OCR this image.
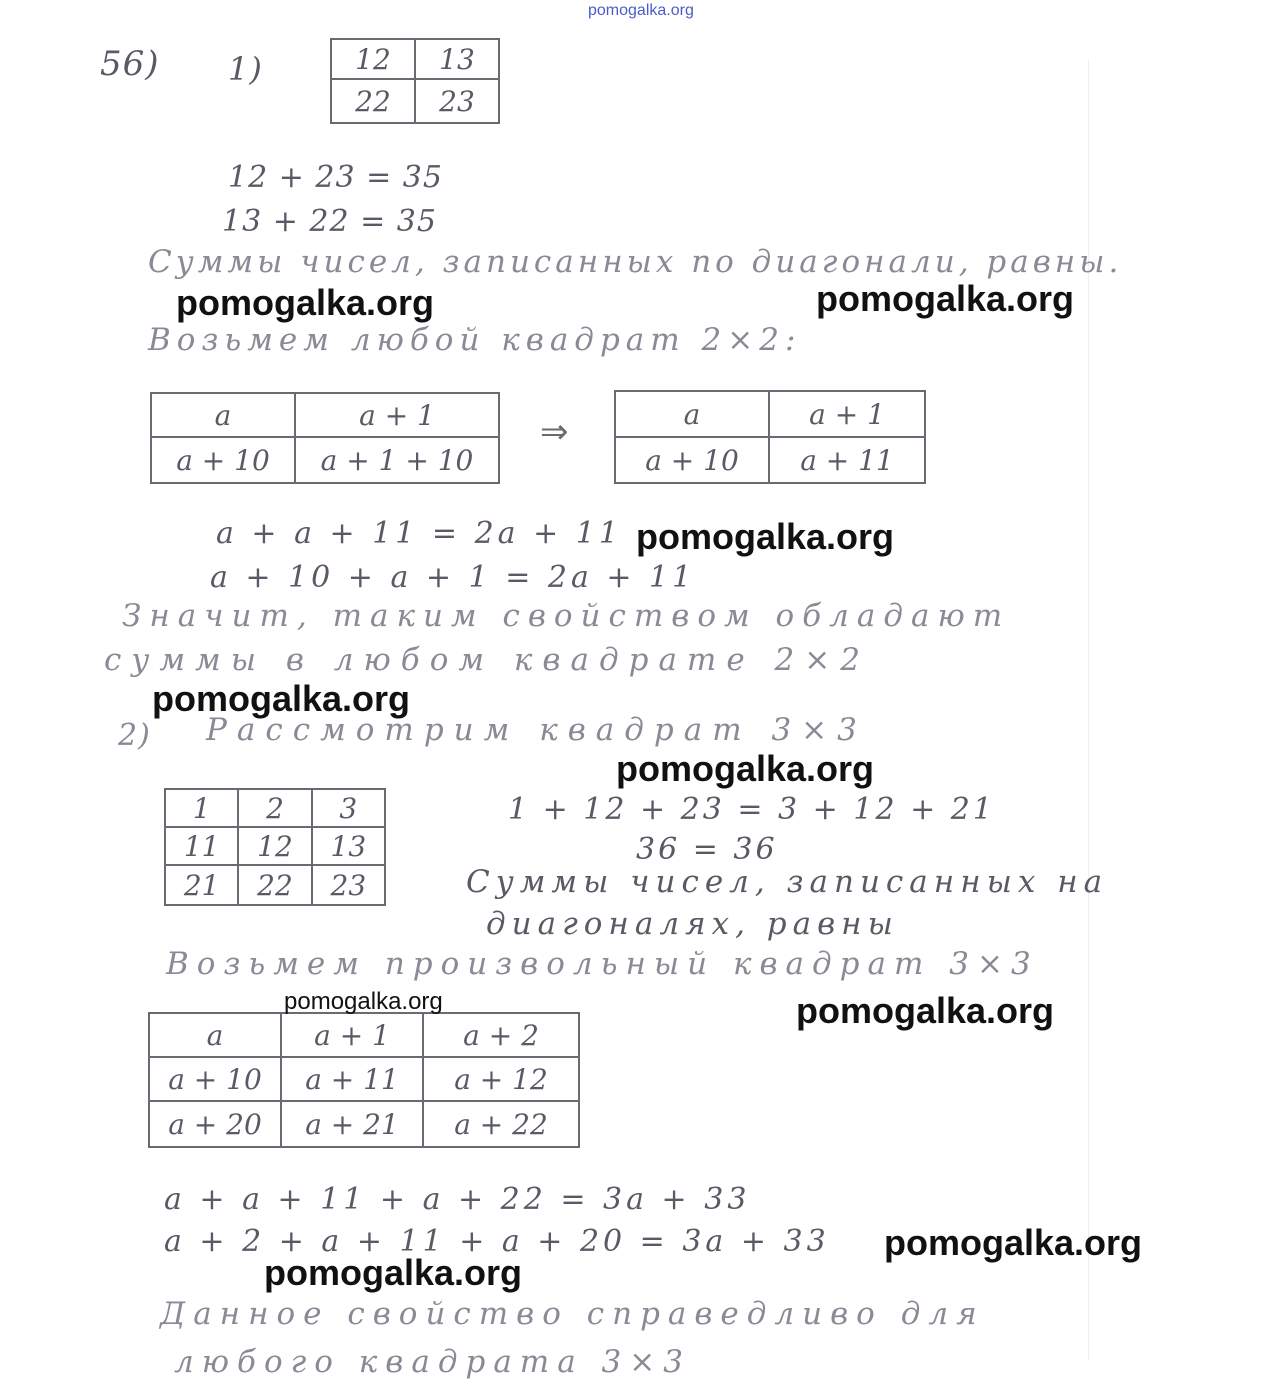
pomogalka.org
56) 1)	12	13
22	23
12 + 23 = 35
13 + 22 = 35
Суммы чисел, записанных по диагонали, равны.
Возьмем любой квадрат 2×2:
a	a + 1
a + 10	a + 1 + 10
⇒	a	a + 1
a + 10	a + 11
a + a + 11 = 2a + 11
a + 10 + a + 1 = 2a + 11
Значит, таким свойством обладают
суммы в любом квадрате 2×2
2) Рассмотрим квадрат 3×3
1	2	3
11	12	13
21	22	23
1 + 12 + 23 = 3 + 12 + 21
36 = 36
Суммы чисел, записанных на
диагоналях, равны
Возьмем произвольный квадрат 3×3
a	a + 1	a + 2
a + 10	a + 11	a + 12
a + 20	a + 21	a + 22
a + a + 11 + a + 22 = 3a + 33
a + 2 + a + 11 + a + 20 = 3a + 33
Данное свойство справедливо для
любого квадрата 3×3
pomogalka.org	pomogalka.org
pomogalka.org
pomogalka.org
pomogalka.org
pomogalka.org	pomogalka.org
pomogalka.org
pomogalka.org
